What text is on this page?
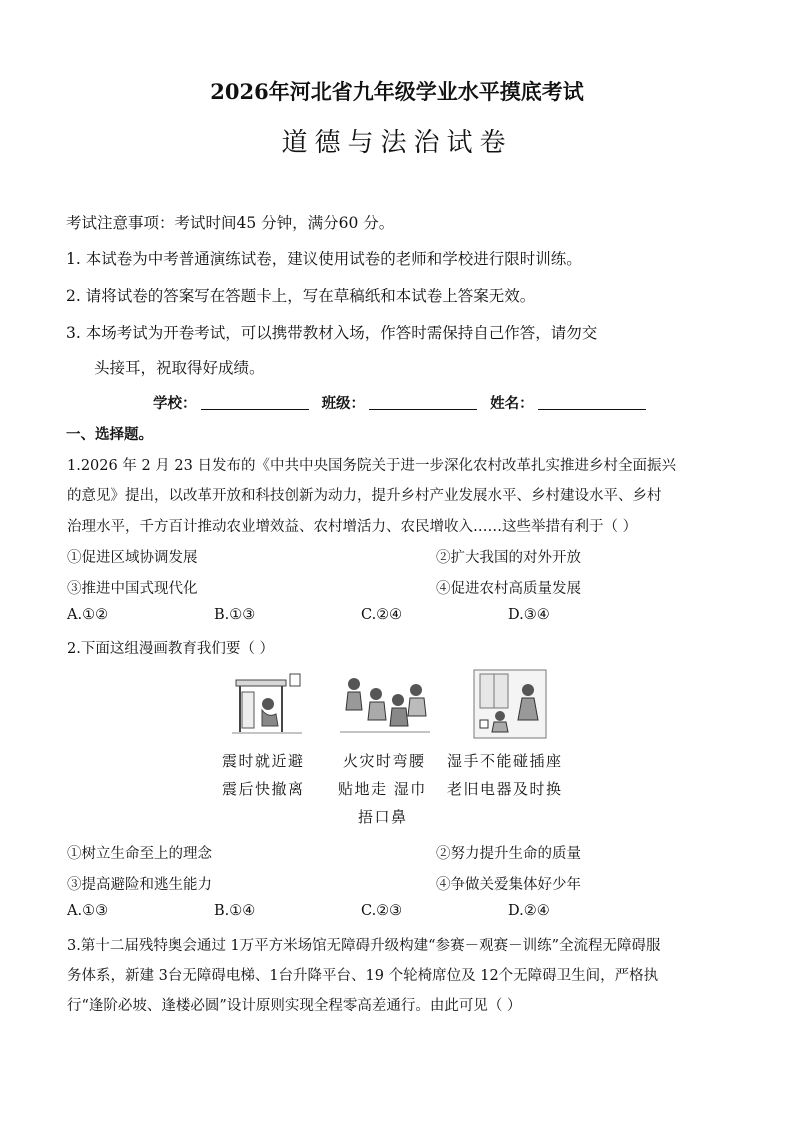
2026年河北省九年级学业水平摸底考试
道德与法治试卷
考试注意事项：考试时间45 分钟，满分60 分。
1. 本试卷为中考普通演练试卷，建议使用试卷的老师和学校进行限时训练。
2. 请将试卷的答案写在答题卡上，写在草稿纸和本试卷上答案无效。
3. 本场考试为开卷考试，可以携带教材入场，作答时需保持自己作答，请勿交
头接耳，祝取得好成绩。
学校：	班级：	姓名：
一、选择题。
1.2026 年 2 月 23 日发布的《中共中央国务院关于进一步深化农村改革扎实推进乡村全面振兴
的意见》提出，以改革开放和科技创新为动力，提升乡村产业发展水平、乡村建设水平、乡村
治理水平，千方百计推动农业增效益、农村增活力、农民增收入……这些举措有利于（ ）
①促进区域协调发展	②扩大我国的对外开放
③推进中国式现代化	④促进农村高质量发展
A.①②	B.①③	C.②④	D.③④
2.下面这组漫画教育我们要（ ）
震时就近避
震后快撤离
火灾时弯腰
贴地走 湿巾
捂口鼻
湿手不能碰插座
老旧电器及时换
①树立生命至上的理念	②努力提升生命的质量
③提高避险和逃生能力	④争做关爱集体好少年
A.①③	B.①④	C.②③	D.②④
3.第十二届残特奥会通过 1万平方米场馆无障碍升级构建“参赛－观赛－训练”全流程无障碍服
务体系，新建 3台无障碍电梯、1台升降平台、19 个轮椅席位及 12个无障碍卫生间，严格执
行“逢阶必坡、逢楼必圆”设计原则实现全程零高差通行。由此可见（ ）
